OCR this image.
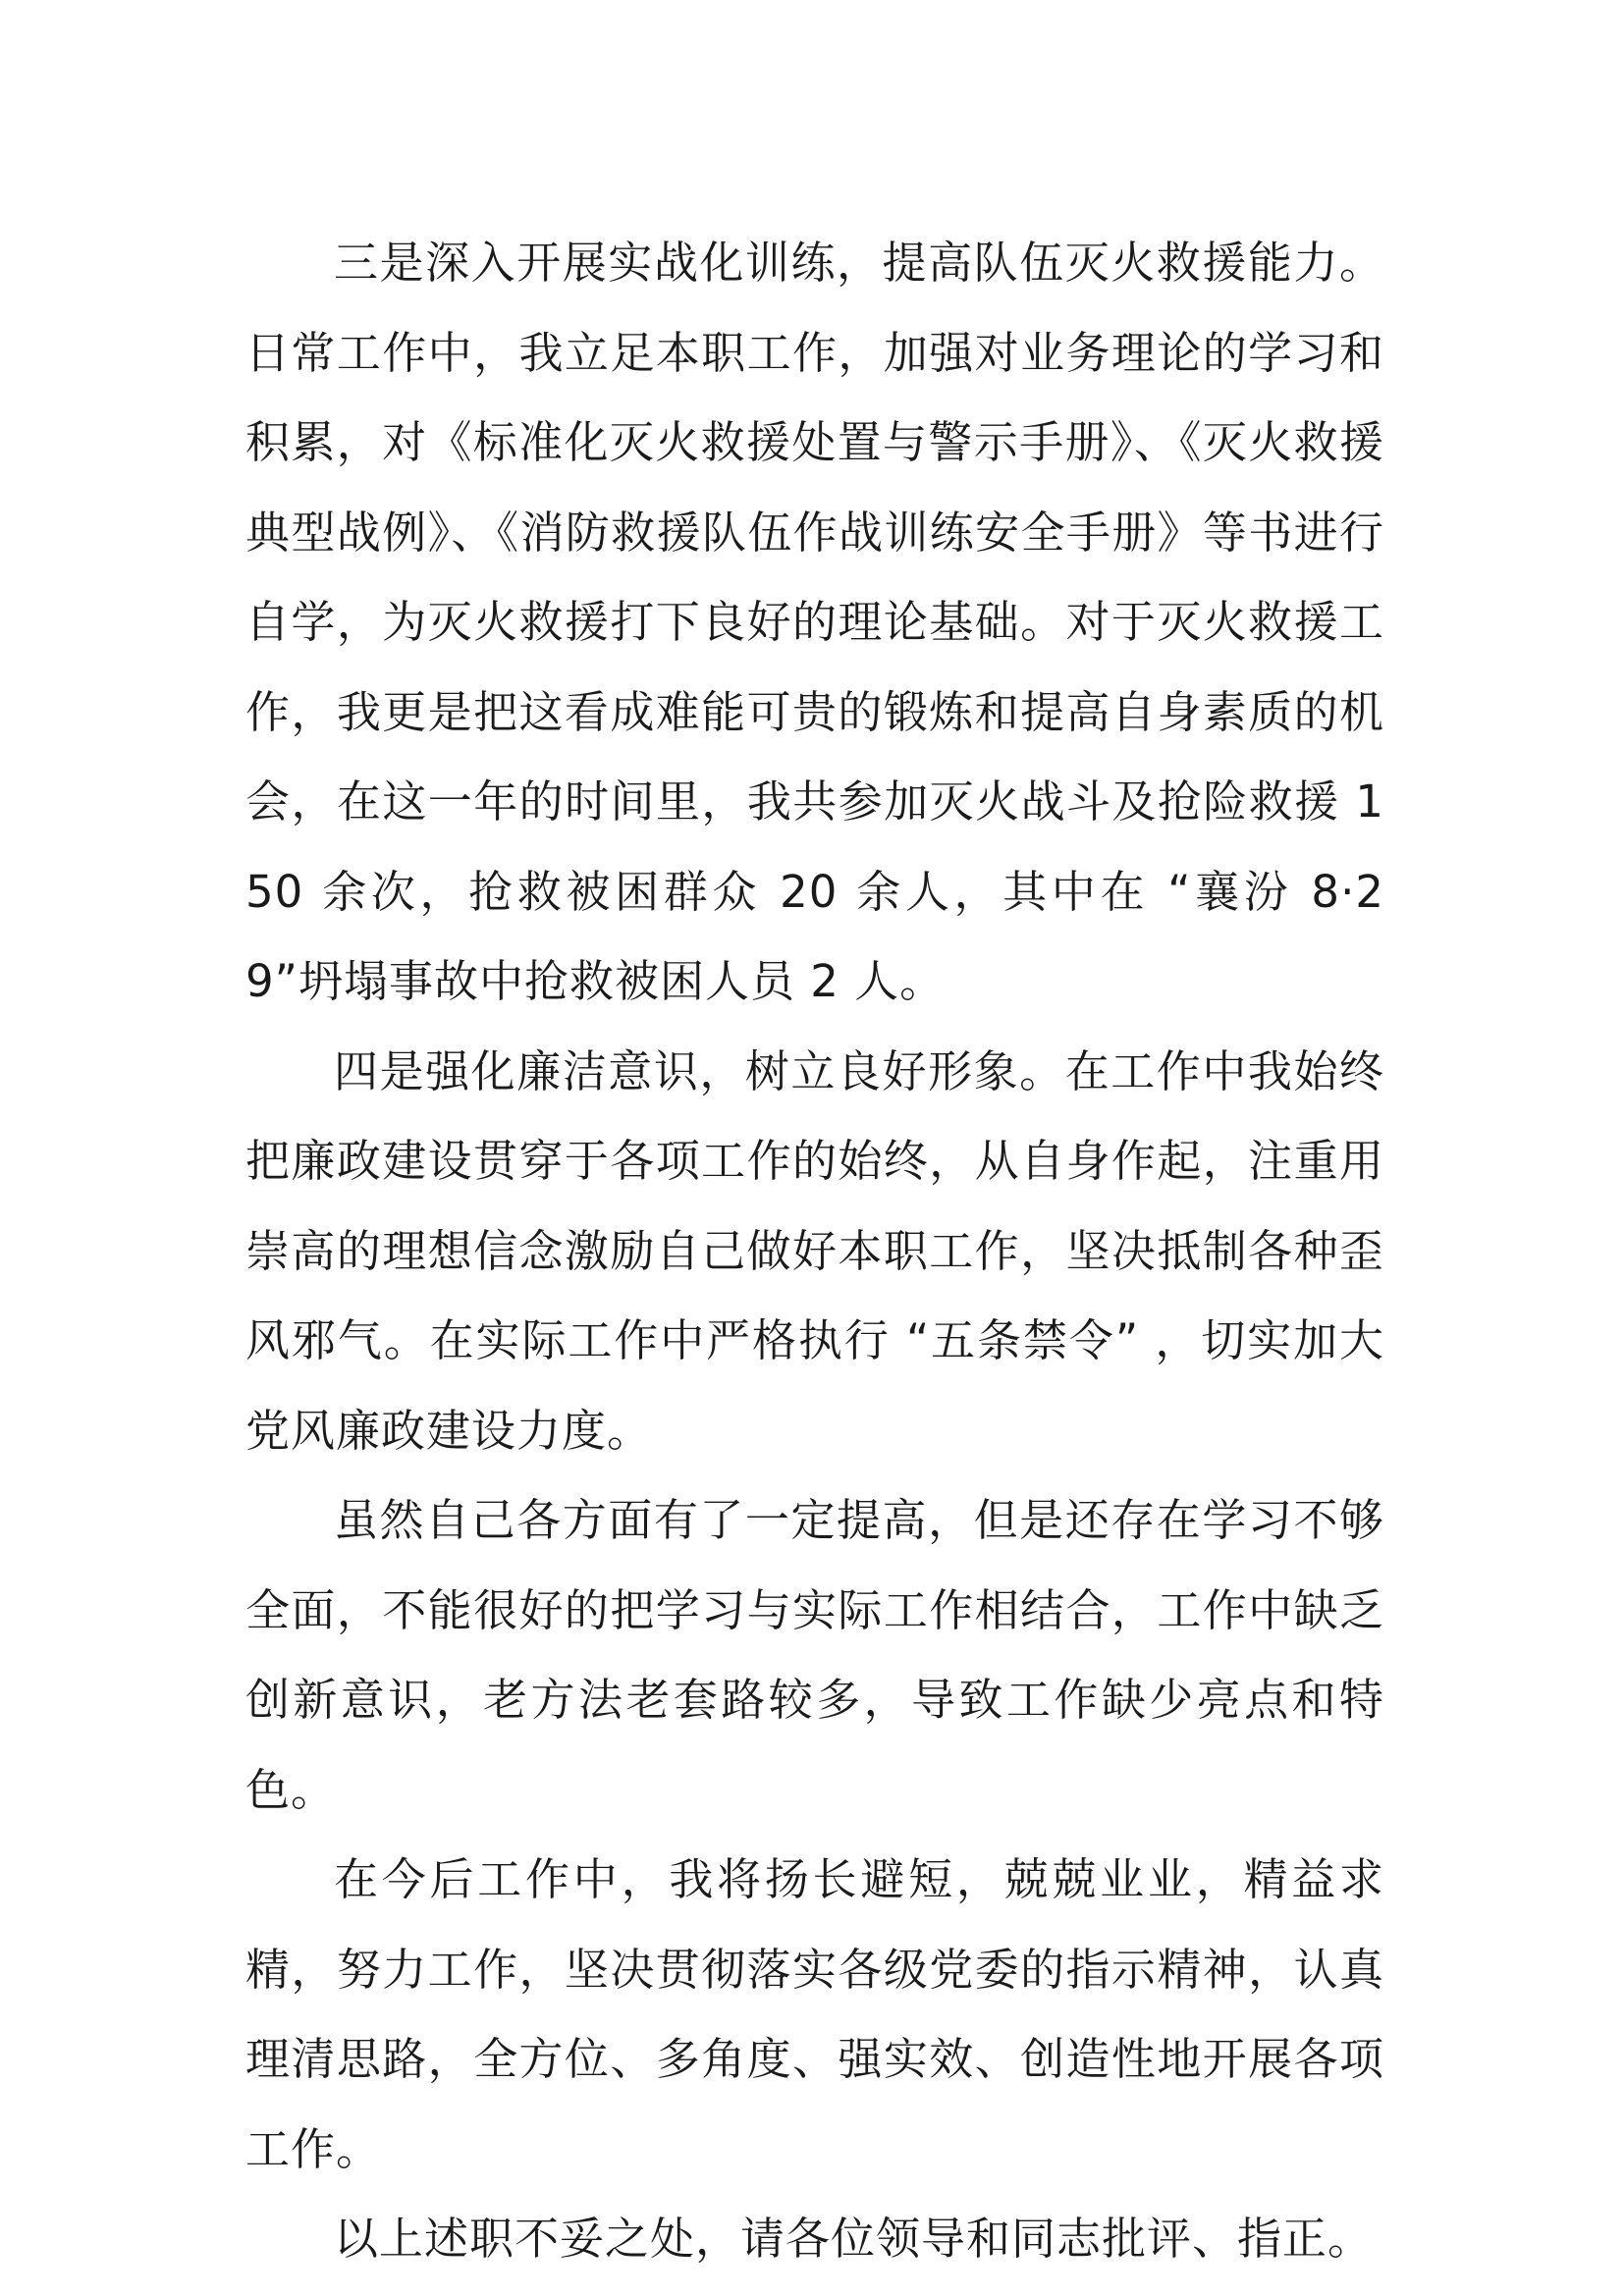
三是深入开展实战化训练，提高队伍灭火救援能力。日常工作中，我立足本职工作，加强对业务理论的学习和积累，对《标准化灭火救援处置与警示手册》、《灭火救援典型战例》、《消防救援队伍作战训练安全手册》等书进行自学，为灭火救援打下良好的理论基础。对于灭火救援工作，我更是把这看成难能可贵的锻炼和提高自身素质的机会，在这一年的时间里，我共参加灭火战斗及抢险救援 150 余次，抢救被困群众 20 余人，其中在 “襄汾 8·29”坍塌事故中抢救被困人员 2 人。

四是强化廉洁意识，树立良好形象。在工作中我始终把廉政建设贯穿于各项工作的始终，从自身作起，注重用崇高的理想信念激励自己做好本职工作，坚决抵制各种歪风邪气。在实际工作中严格执行 “五条禁令” ，切实加大党风廉政建设力度。

虽然自己各方面有了一定提高，但是还存在学习不够全面，不能很好的把学习与实际工作相结合，工作中缺乏创新意识，老方法老套路较多，导致工作缺少亮点和特色。

在今后工作中，我将扬长避短，兢兢业业，精益求精，努力工作，坚决贯彻落实各级党委的指示精神，认真理清思路，全方位、多角度、强实效、创造性地开展各项工作。

以上述职不妥之处，请各位领导和同志批评、指正。
